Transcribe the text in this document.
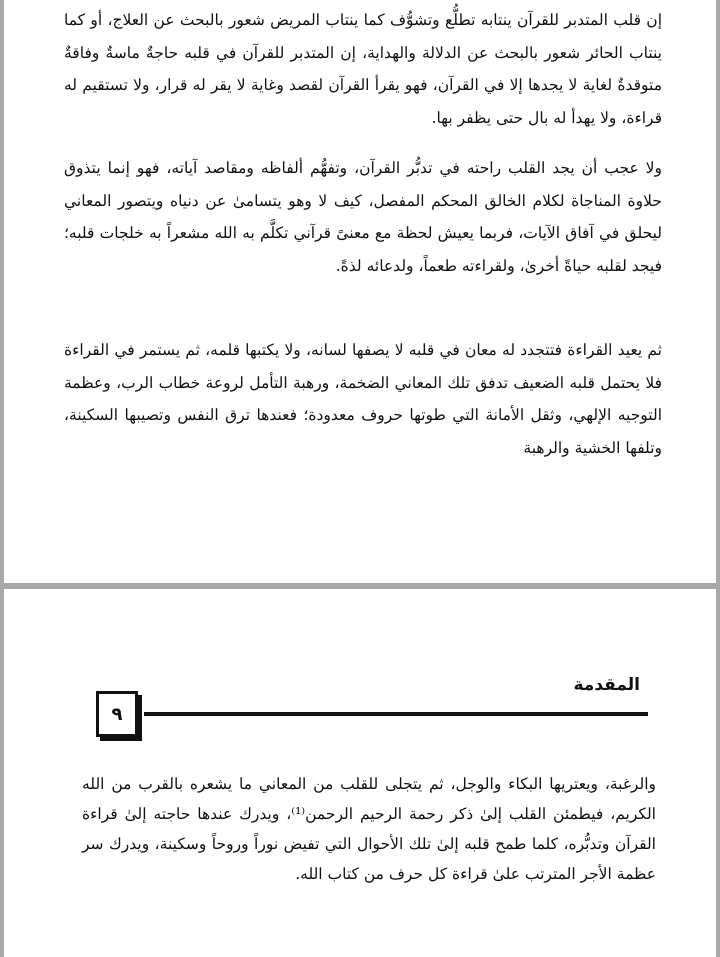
إن قلب المتدبر للقرآن ينتابه تطلُّع وتشوُّف كما ينتاب المريض شعور بالبحث عن العلاج، أو كما ينتاب الحائر شعور بالبحث عن الدلالة والهداية، إن المتدبر للقرآن في قلبه حاجةٌ ماسةٌ وفاقةٌ متوقدةٌ لغاية لا يجدها إلا في القرآن، فهو يقرأ القرآن لقصد وغاية لا يقر له قرار، ولا تستقيم له قراءة، ولا يهدأ له بال حتى يظفر بها.

ولا عجب أن يجد القلب راحته في تدبُّر القرآن، وتفهُّم ألفاظه ومقاصد آياته، فهو إنما يتذوق حلاوة المناجاة لكلام الخالق المحكم المفصل، كيف لا وهو يتسامىٰ عن دنياه ويتصور المعاني ليحلق في آفاق الآيات، فربما يعيش لحظة مع معنىً قرآني تكلَّم به الله مشعراً به خلجات قلبه؛ فيجد لقلبه حياةً أخرىٰ، ولقراءته طعماً، ولدعائه لذةً.

ثم يعيد القراءة فتتجدد له معان في قلبه لا يصفها لسانه، ولا يكتبها قلمه، ثم يستمر في القراءة فلا يحتمل قلبه الضعيف تدفق تلك المعاني الضخمة، ورهبة التأمل لروعة خطاب الرب، وعظمة التوجيه الإلهي، وثقل الأمانة التي طوتها حروف معدودة؛ فعندها ترق النفس وتصيبها السكينة، وتلفها الخشية والرهبة

المقدمة
٩

والرغبة، ويعتريها البكاء والوجل، ثم يتجلى للقلب من المعاني ما يشعره بالقرب من الله الكريم، فيطمئن القلب إلىٰ ذكر رحمة الرحيم الرحمن⁽¹⁾، ويدرك عندها حاجته إلىٰ قراءة القرآن وتدبُّره، كلما طمح قلبه إلىٰ تلك الأحوال التي تفيض نوراً وروحاً وسكينة، ويدرك سر عظمة الأجر المترتب علىٰ قراءة كل حرف من كتاب الله.
